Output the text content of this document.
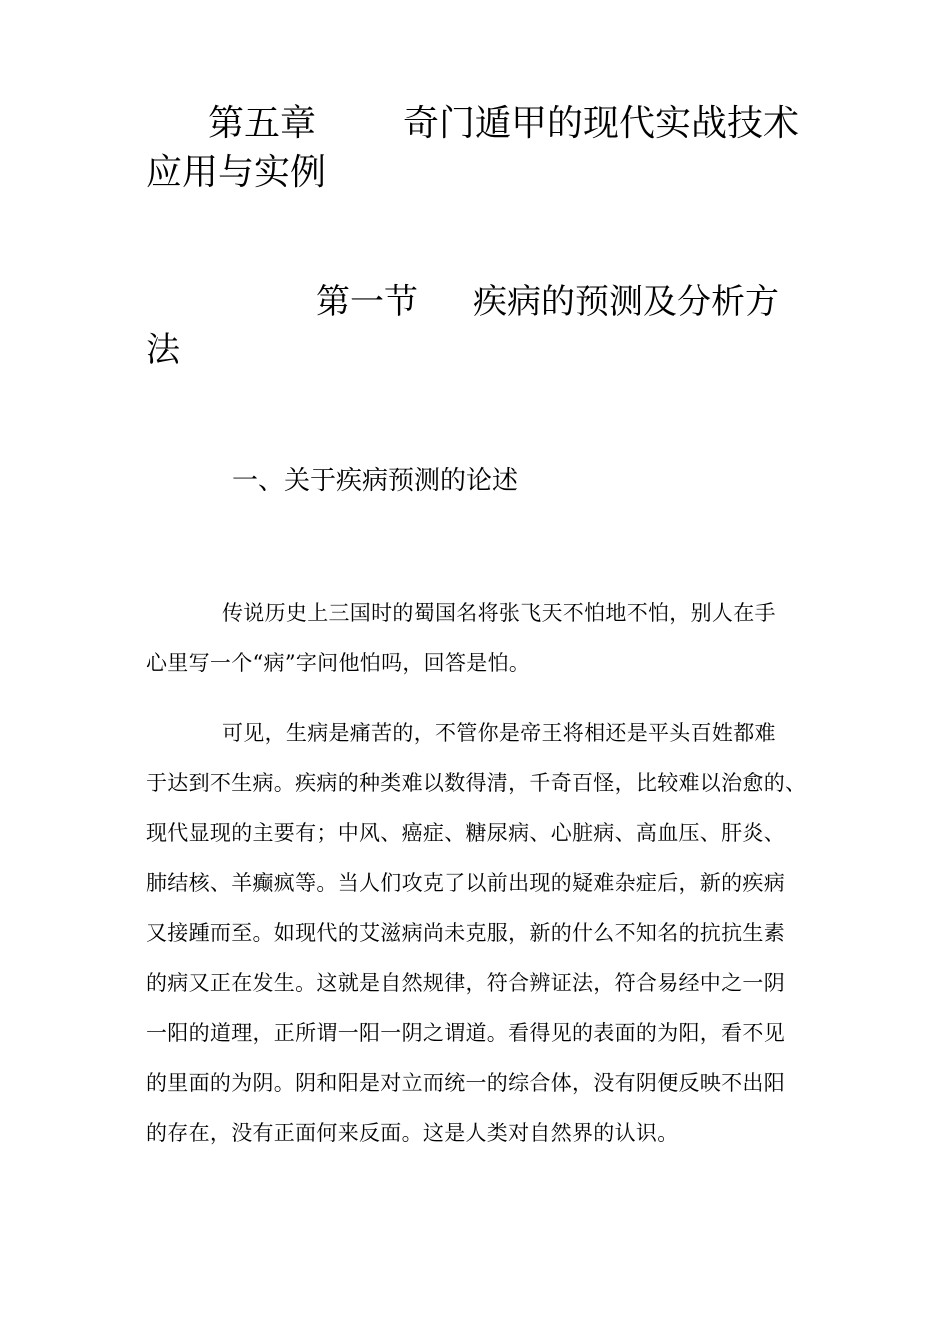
第五章 奇门遁甲的现代实战技术
应用与实例
第一节 疾病的预测及分析方
法
一、关于疾病预测的论述
传说历史上三国时的蜀国名将张飞天不怕地不怕，别人在手
心里写一个“病”字问他怕吗，回答是怕。
可见，生病是痛苦的，不管你是帝王将相还是平头百姓都难
于达到不生病。疾病的种类难以数得清，千奇百怪，比较难以治愈的、
现代显现的主要有；中风、癌症、糖尿病、心脏病、高血压、肝炎、
肺结核、羊癫疯等。当人们攻克了以前出现的疑难杂症后，新的疾病
又接踵而至。如现代的艾滋病尚未克服，新的什么不知名的抗抗生素
的病又正在发生。这就是自然规律，符合辨证法，符合易经中之一阴
一阳的道理，正所谓一阳一阴之谓道。看得见的表面的为阳，看不见
的里面的为阴。阴和阳是对立而统一的综合体，没有阴便反映不出阳
的存在，没有正面何来反面。这是人类对自然界的认识。
